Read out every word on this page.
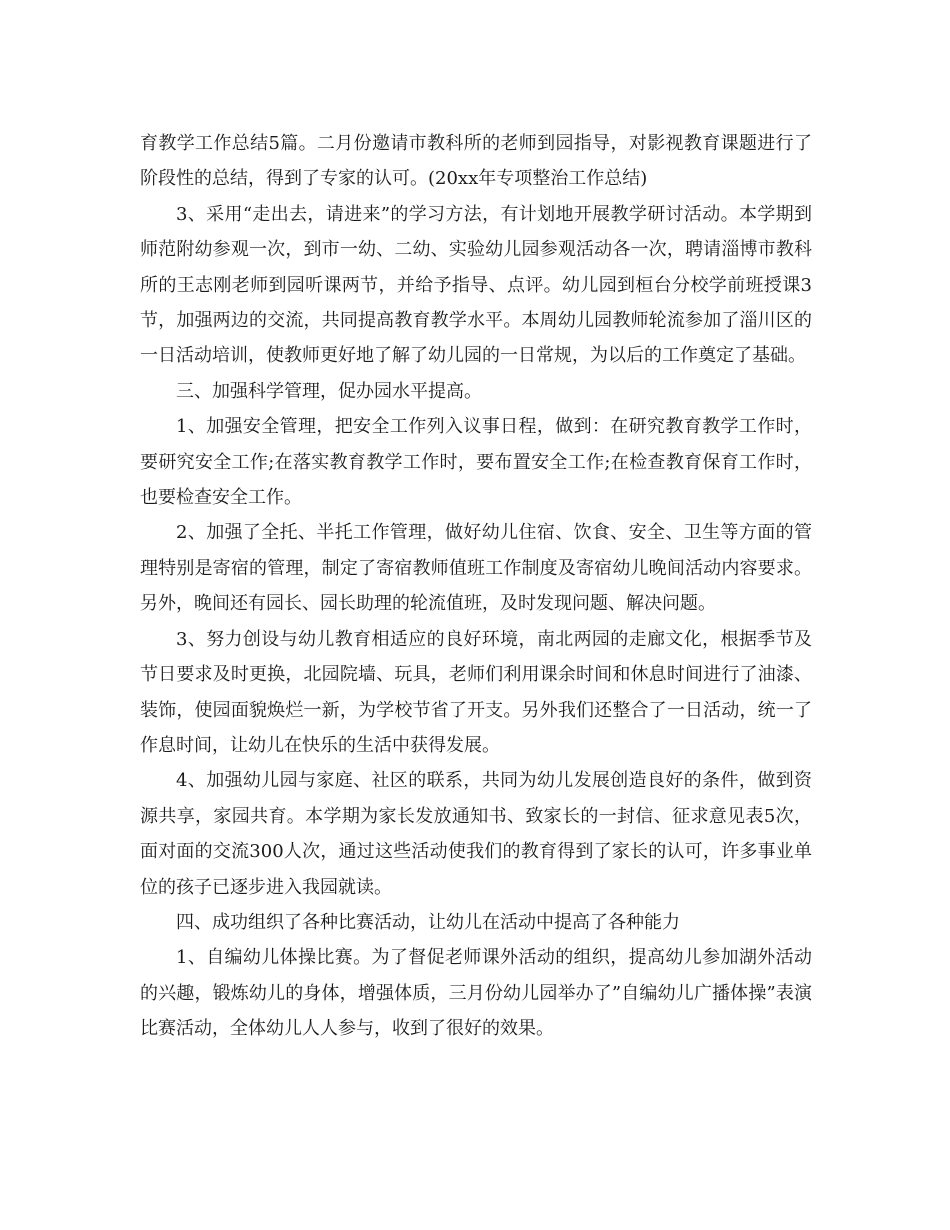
育教学工作总结5篇。二月份邀请市教科所的老师到园指导，对影视教育课题进行了阶段性的总结，得到了专家的认可。(20xx年专项整治工作总结)

3、采用“走出去，请进来”的学习方法，有计划地开展教学研讨活动。本学期到师范附幼参观一次，到市一幼、二幼、实验幼儿园参观活动各一次，聘请淄博市教科所的王志刚老师到园听课两节，并给予指导、点评。幼儿园到桓台分校学前班授课3节，加强两边的交流，共同提高教育教学水平。本周幼儿园教师轮流参加了淄川区的一日活动培训，使教师更好地了解了幼儿园的一日常规，为以后的工作奠定了基础。

三、加强科学管理，促办园水平提高。

1、加强安全管理，把安全工作列入议事日程，做到：在研究教育教学工作时，要研究安全工作;在落实教育教学工作时，要布置安全工作;在检查教育保育工作时，也要检查安全工作。

2、加强了全托、半托工作管理，做好幼儿住宿、饮食、安全、卫生等方面的管理特别是寄宿的管理，制定了寄宿教师值班工作制度及寄宿幼儿晚间活动内容要求。另外，晚间还有园长、园长助理的轮流值班，及时发现问题、解决问题。

3、努力创设与幼儿教育相适应的良好环境，南北两园的走廊文化，根据季节及节日要求及时更换，北园院墙、玩具，老师们利用课余时间和休息时间进行了油漆、装饰，使园面貌焕烂一新，为学校节省了开支。另外我们还整合了一日活动，统一了作息时间，让幼儿在快乐的生活中获得发展。

4、加强幼儿园与家庭、社区的联系，共同为幼儿发展创造良好的条件，做到资源共享，家园共育。本学期为家长发放通知书、致家长的一封信、征求意见表5次，面对面的交流300人次，通过这些活动使我们的教育得到了家长的认可，许多事业单位的孩子已逐步进入我园就读。

四、成功组织了各种比赛活动，让幼儿在活动中提高了各种能力

1、自编幼儿体操比赛。为了督促老师课外活动的组织，提高幼儿参加湖外活动的兴趣，锻炼幼儿的身体，增强体质，三月份幼儿园举办了”自编幼儿广播体操”表演比赛活动，全体幼儿人人参与，收到了很好的效果。
